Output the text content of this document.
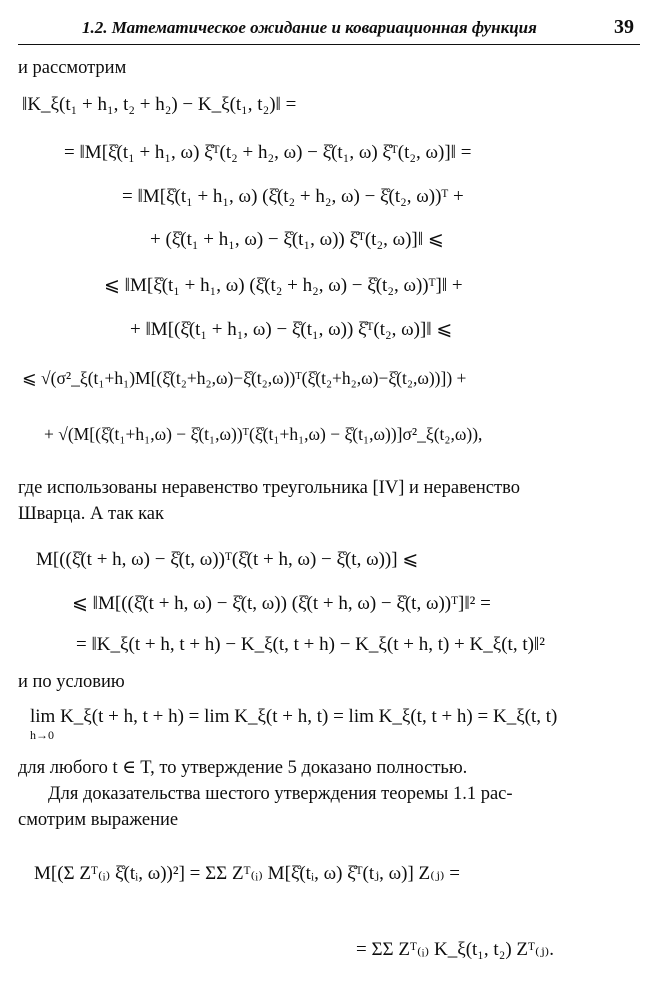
1.2. Математическое ожидание и ковариационная функция	39
и рассмотрим
‖K_ξ(t₁ + h₁, t₂ + h₂) − K_ξ(t₁, t₂)‖ =
= ‖M[ξ̊(t₁ + h₁, ω) ξ̊ᵀ(t₂ + h₂, ω) − ξ̊(t₁, ω) ξ̊ᵀ(t₂, ω)]‖ =
= ‖M[ξ̊(t₁ + h₁, ω) (ξ̊(t₂ + h₂, ω) − ξ̊(t₂, ω))ᵀ +
+ (ξ̊(t₁ + h₁, ω) − ξ̊(t₁, ω)) ξ̊ᵀ(t₂, ω)]‖ ⩽
⩽ ‖M[ξ̊(t₁ + h₁, ω) (ξ̊(t₂ + h₂, ω) − ξ̊(t₂, ω))ᵀ]‖ +
+ ‖M[(ξ̊(t₁ + h₁, ω) − ξ̊(t₁, ω)) ξ̊ᵀ(t₂, ω)]‖ ⩽
⩽ √(σ²_ξ(t₁+h₁)M[(ξ̊(t₂+h₂,ω)−ξ̊(t₂,ω))ᵀ(ξ̊(t₂+h₂,ω)−ξ̊(t₂,ω))]) +
+ √(M[(ξ̊(t₁+h₁,ω) − ξ̊(t₁,ω))ᵀ(ξ̊(t₁+h₁,ω) − ξ̊(t₁,ω))]σ²_ξ(t₂,ω)),
где использованы неравенство треугольника [IV] и неравенство
Шварца. А так как
M[((ξ̊(t + h, ω) − ξ̊(t, ω))ᵀ(ξ̊(t + h, ω) − ξ̊(t, ω))] ⩽
⩽ ‖M[((ξ̊(t + h, ω) − ξ̊(t, ω)) (ξ̊(t + h, ω) − ξ̊(t, ω))ᵀ]‖² =
= ‖K_ξ(t + h, t + h) − K_ξ(t, t + h) − K_ξ(t + h, t) + K_ξ(t, t)‖²
и по условию
lim K_ξ(t + h, t + h) = lim K_ξ(t + h, t) = lim K_ξ(t, t + h) = K_ξ(t, t)
h→0
для любого t ∈ T, то утверждение 5 доказано полностью.
Для доказательства шестого утверждения теоремы 1.1 рас-
смотрим выражение
M[(Σ Zᵀ₍ᵢ₎ ξ̊(tᵢ, ω))²] = ΣΣ Zᵀ₍ᵢ₎ M[ξ̊(tᵢ, ω) ξ̊ᵀ(tⱼ, ω)] Z₍ⱼ₎ =
= ΣΣ Zᵀ₍ᵢ₎ K_ξ(t₁, t₂) Zᵀ₍ⱼ₎.
